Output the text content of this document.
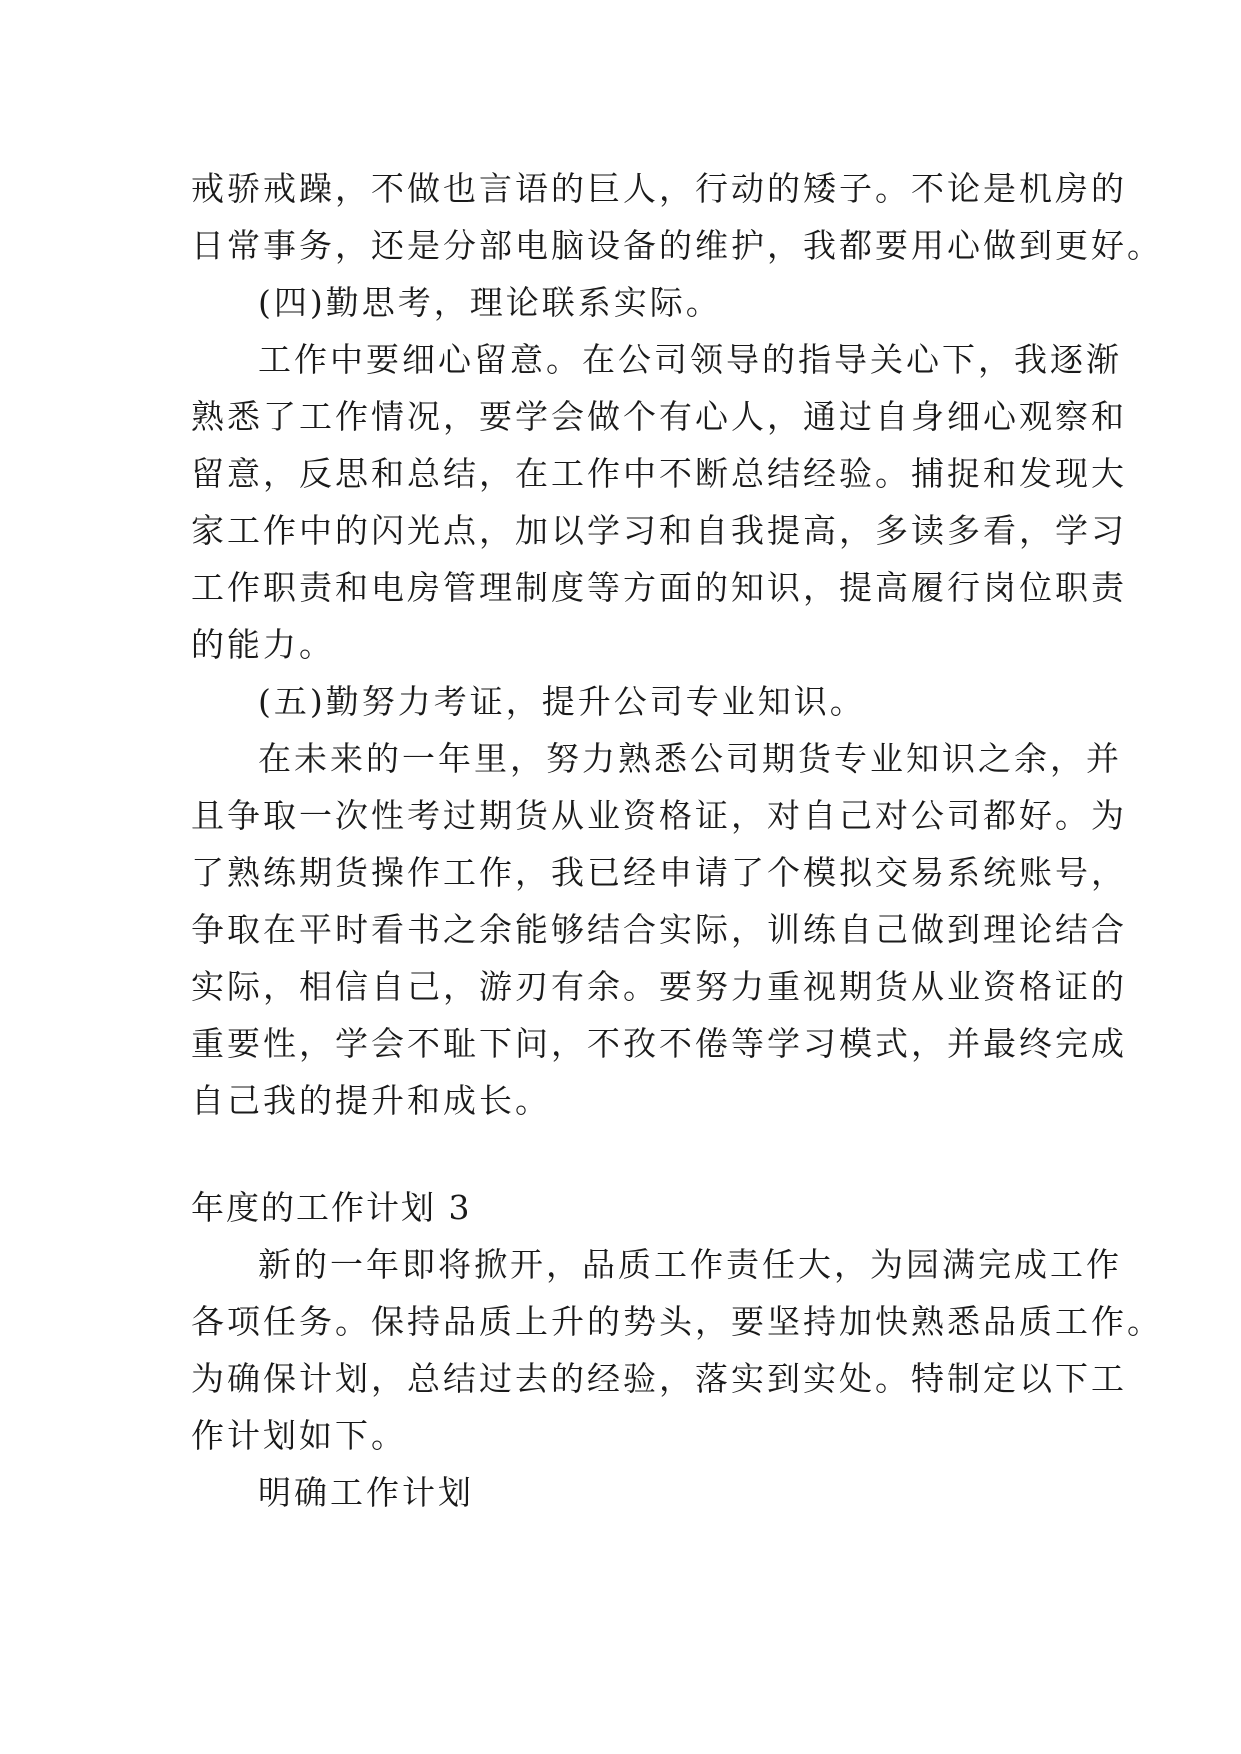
戒骄戒躁，不做也言语的巨人，行动的矮子。不论是机房的
日常事务，还是分部电脑设备的维护，我都要用心做到更好。
(四)勤思考，理论联系实际。
工作中要细心留意。在公司领导的指导关心下，我逐渐
熟悉了工作情况，要学会做个有心人，通过自身细心观察和
留意，反思和总结，在工作中不断总结经验。捕捉和发现大
家工作中的闪光点，加以学习和自我提高，多读多看，学习
工作职责和电房管理制度等方面的知识，提高履行岗位职责
的能力。
(五)勤努力考证，提升公司专业知识。
在未来的一年里，努力熟悉公司期货专业知识之余，并
且争取一次性考过期货从业资格证，对自己对公司都好。为
了熟练期货操作工作，我已经申请了个模拟交易系统账号，
争取在平时看书之余能够结合实际，训练自己做到理论结合
实际，相信自己，游刃有余。要努力重视期货从业资格证的
重要性，学会不耻下问，不孜不倦等学习模式，并最终完成
自己我的提升和成长。
年度的工作计划 3
新的一年即将掀开，品质工作责任大，为园满完成工作
各项任务。保持品质上升的势头，要坚持加快熟悉品质工作。
为确保计划，总结过去的经验，落实到实处。特制定以下工
作计划如下。
明确工作计划
